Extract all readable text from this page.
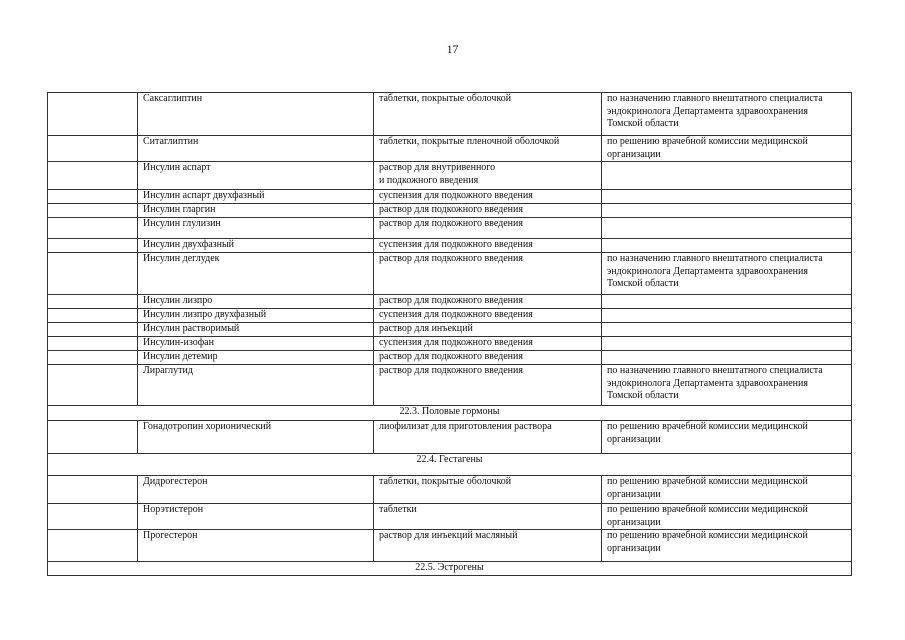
17
	Саксаглиптин	таблетки, покрытые оболочкой	по назначению главного внештатного специалиста эндокринолога Департамента здравоохранения Томской области
	Ситаглиптин	таблетки, покрытые пленочной оболочкой	по решению врачебной комиссии медицинской организации
	Инсулин аспарт	раствор для внутривенного
и подкожного введения	
	Инсулин аспарт двухфазный	суспензия для подкожного введения	
	Инсулин гларгин	раствор для подкожного введения	
	Инсулин глулизин	раствор для подкожного введения	
	Инсулин двухфазный	суспензия для подкожного введения	
	Инсулин деглудек	раствор для подкожного введения	по назначению главного внештатного специалиста эндокринолога Департамента здравоохранения Томской области
	Инсулин лизпро	раствор для подкожного введения	
	Инсулин лизпро двухфазный	суспензия для подкожного введения	
	Инсулин растворимый	раствор для инъекций	
	Инсулин-изофан	суспензия для подкожного введения	
	Инсулин детемир	раствор для подкожного введения	
	Лираглутид	раствор для подкожного введения	по назначению главного внештатного специалиста эндокринолога Департамента здравоохранения Томской области
22.3. Половые гормоны			
	Гонадотропин хорионический	лиофилизат для приготовления раствора	по решению врачебной комиссии медицинской организации
22.4. Гестагены			
	Дидрогестерон	таблетки, покрытые оболочкой	по решению врачебной комиссии медицинской организации
	Норэтистерон	таблетки	по решению врачебной комиссии медицинской организации
	Прогестерон	раствор для инъекций масляный	по решению врачебной комиссии медицинской организации
22.5. Эстрогены			
